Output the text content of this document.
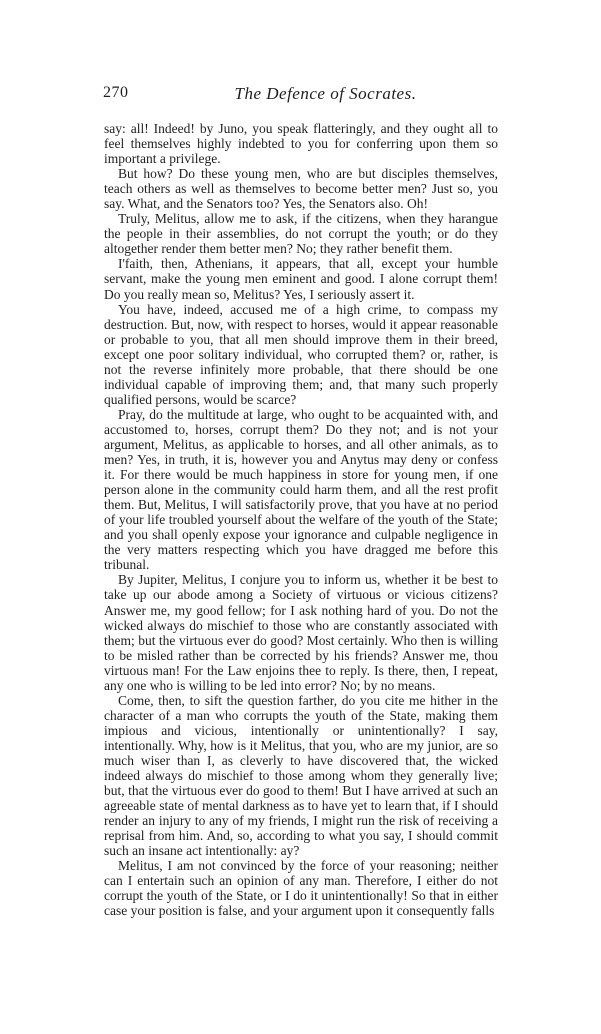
270	The Defence of Socrates.

say: all! Indeed! by Juno, you speak flatteringly, and they ought all to feel themselves highly indebted to you for conferring upon them so important a privilege.

But how? Do these young men, who are but disciples themselves, teach others as well as themselves to become better men? Just so, you say. What, and the Senators too? Yes, the Senators also. Oh!

Truly, Melitus, allow me to ask, if the citizens, when they harangue the people in their assemblies, do not corrupt the youth; or do they altogether render them better men? No; they rather benefit them.

I'faith, then, Athenians, it appears, that all, except your humble servant, make the young men eminent and good. I alone corrupt them! Do you really mean so, Melitus? Yes, I seriously assert it.

You have, indeed, accused me of a high crime, to compass my destruction. But, now, with respect to horses, would it appear reasonable or probable to you, that all men should improve them in their breed, except one poor solitary individual, who corrupted them? or, rather, is not the reverse infinitely more probable, that there should be one individual capable of improving them; and, that many such properly qualified persons, would be scarce?

Pray, do the multitude at large, who ought to be acquainted with, and accustomed to, horses, corrupt them? Do they not; and is not your argument, Melitus, as applicable to horses, and all other animals, as to men? Yes, in truth, it is, however you and Anytus may deny or confess it. For there would be much happiness in store for young men, if one person alone in the community could harm them, and all the rest profit them. But, Melitus, I will satisfactorily prove, that you have at no period of your life troubled yourself about the welfare of the youth of the State; and you shall openly expose your ignorance and culpable negligence in the very matters respecting which you have dragged me before this tribunal.

By Jupiter, Melitus, I conjure you to inform us, whether it be best to take up our abode among a Society of virtuous or vicious citizens? Answer me, my good fellow; for I ask nothing hard of you. Do not the wicked always do mischief to those who are constantly associated with them; but the virtuous ever do good? Most certainly. Who then is willing to be misled rather than be corrected by his friends? Answer me, thou virtuous man! For the Law enjoins thee to reply. Is there, then, I repeat, any one who is willing to be led into error? No; by no means.

Come, then, to sift the question farther, do you cite me hither in the character of a man who corrupts the youth of the State, making them impious and vicious, intentionally or unintentionally? I say, intentionally. Why, how is it Melitus, that you, who are my junior, are so much wiser than I, as cleverly to have discovered that, the wicked indeed always do mischief to those among whom they generally live; but, that the virtuous ever do good to them! But I have arrived at such an agreeable state of mental darkness as to have yet to learn that, if I should render an injury to any of my friends, I might run the risk of receiving a reprisal from him. And, so, according to what you say, I should commit such an insane act intentionally: ay?

Melitus, I am not convinced by the force of your reasoning; neither can I entertain such an opinion of any man. Therefore, I either do not corrupt the youth of the State, or I do it unintentionally! So that in either case your position is false, and your argument upon it consequently falls
